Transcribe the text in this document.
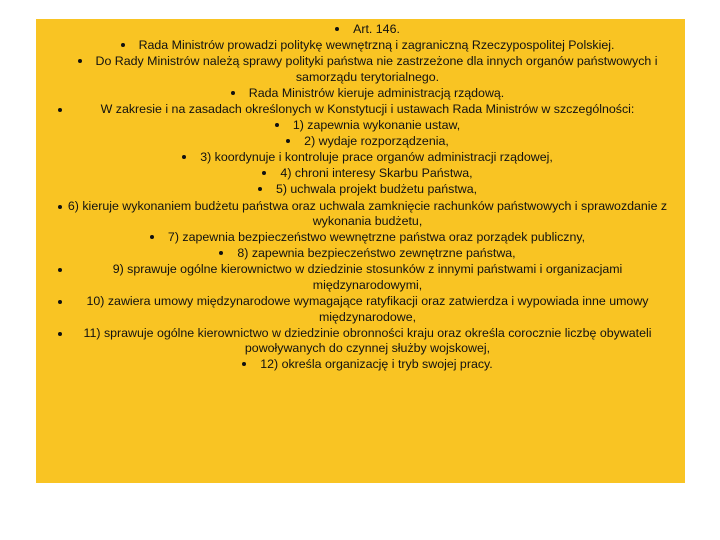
Art. 146.
Rada Ministrów prowadzi politykę wewnętrzną i zagraniczną Rzeczypospolitej Polskiej.
Do Rady Ministrów należą sprawy polityki państwa nie zastrzeżone dla innych organów państwowych i samorządu terytorialnego.
Rada Ministrów kieruje administracją rządową.
W zakresie i na zasadach określonych w Konstytucji i ustawach Rada Ministrów w szczególności:
1) zapewnia wykonanie ustaw,
2) wydaje rozporządzenia,
3) koordynuje i kontroluje prace organów administracji rządowej,
4) chroni interesy Skarbu Państwa,
5) uchwala projekt budżetu państwa,
6) kieruje wykonaniem budżetu państwa oraz uchwala zamknięcie rachunków państwowych i sprawozdanie z wykonania budżetu,
7) zapewnia bezpieczeństwo wewnętrzne państwa oraz porządek publiczny,
8) zapewnia bezpieczeństwo zewnętrzne państwa,
9) sprawuje ogólne kierownictwo w dziedzinie stosunków z innymi państwami i organizacjami międzynarodowymi,
10) zawiera umowy międzynarodowe wymagające ratyfikacji oraz zatwierdza i wypowiada inne umowy międzynarodowe,
11) sprawuje ogólne kierownictwo w dziedzinie obronności kraju oraz określa corocznie liczbę obywateli powoływanych do czynnej służby wojskowej,
12) określa organizację i tryb swojej pracy.
